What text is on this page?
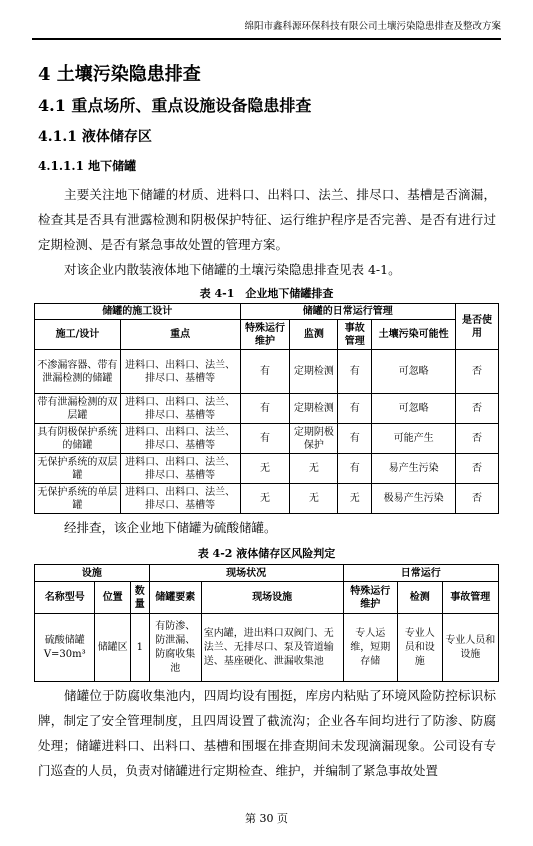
绵阳市鑫科源环保科技有限公司土壤污染隐患排查及整改方案
4 土壤污染隐患排查
4.1 重点场所、重点设施设备隐患排查
4.1.1 液体储存区
4.1.1.1 地下储罐
主要关注地下储罐的材质、进料口、出料口、法兰、排尽口、基槽是否滴漏，检查其是否具有泄露检测和阴极保护特征、运行维护程序是否完善、是否有进行过定期检测、是否有紧急事故处置的管理方案。
对该企业内散装液体地下储罐的土壤污染隐患排查见表 4-1。
表 4-1　企业地下储罐排查
储罐的施工设计		储罐的日常运行管理				是否使用
施工/设计	重点	特殊运行维护	监测	事故管理	土壤污染可能性	
不渗漏容器、带有泄漏检测的储罐	进料口、出料口、法兰、排尽口、基槽等	有	定期检测	有	可忽略	否
带有泄漏检测的双层罐	进料口、出料口、法兰、排尽口、基槽等	有	定期检测	有	可忽略	否
具有阴极保护系统的储罐	进料口、出料口、法兰、排尽口、基槽等	有	定期阴极保护	有	可能产生	否
无保护系统的双层罐	进料口、出料口、法兰、排尽口、基槽等	无	无	有	易产生污染	否
无保护系统的单层罐	进料口、出料口、法兰、排尽口、基槽等	无	无	无	极易产生污染	否
经排查，该企业地下储罐为硫酸储罐。
表 4-2 液体储存区风险判定
设施			现场状况		日常运行		
名称型号	位置	数量	储罐要素	现场设施	特殊运行维护	检测	事故管理
硫酸储罐 V=30m³	储罐区	1	有防渗、防泄漏、防腐收集池	室内罐，进出料口双阀门、无法兰、无排尽口、泵及管道输送、基座硬化、泄漏收集池	专人运维，短期存储	专业人员和设施	专业人员和设施
储罐位于防腐收集池内，四周均设有围挺，库房内粘贴了环境风险防控标识标牌，制定了安全管理制度，且四周设置了截流沟；企业各车间均进行了防渗、防腐处理；储罐进料口、出料口、基槽和围堰在排查期间未发现滴漏现象。公司设有专门巡查的人员，负责对储罐进行定期检查、维护，并编制了紧急事故处置
第 30 页
